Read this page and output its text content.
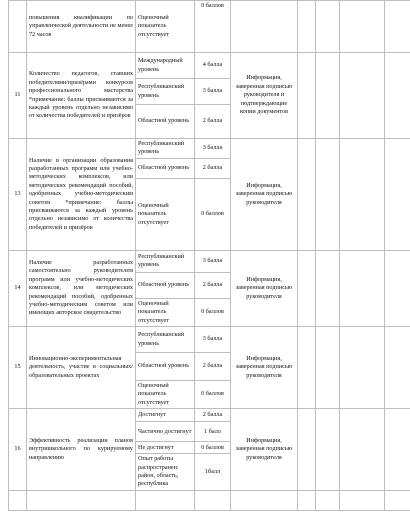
	повышения квалификации по управленческой деятельности не менее 72 часов	Оценочный показатель отсутствует	0 баллов					
11	Количество педагогов, ставших победителями/призёрами конкурсов профессионального мастерства *примечание: баллы присваиваются за каждый уровень отдельно независимо от количества победителей и призёров	Международный уровень	4 балла	Информация, заверенная подписью руководителя и подтверждающие копии документов				
		Республиканский уровень	3 балла					
		Областной уровень	2 балла					
13	Наличие в организации образования разработанных программ или учебно-методических комплексов, или методических рекомендаций пособий, одобренных учебно-методическим советом *примечание: баллы присваиваются за каждый уровень отдельно независимо от количества победителей и призёров	Республиканский уровень	3 балла	Информация, заверенная подписью руководителя				
		Областной уровень	2 балла					
		Оценочный показатель отсутствует	0 баллов					
14	Наличие разработанных самостоятельно руководителем программ или учебно-методических комплексов, или методических рекомендаций пособий, одобренных учебно-методическим советом или имеющих авторское свидетельство	Республиканский уровень	3 балла	Информация, заверенная подписью руководителя				
		Областной уровень	2 балла					
		Оценочный показатель отсутствует	0 баллов					
15	Инновационно-экспериментальная деятельность, участие в социальных/образовательных проектах	Республиканский уровень	3 балла	Информация, заверенная подписью руководителя				
		Областной уровень	2 балла					
		Оценочный показатель отсутствует	0 баллов					
16	Эффективность реализации планов внутришкольного по курируемому направлению	Достигнут	2 балла	Информация, заверенная подписью руководителя				
		Частично достигнут	1 балл					
		Не достигнут	0 баллов					
		Опыт работы распространен: район, область, республика	1балл					
